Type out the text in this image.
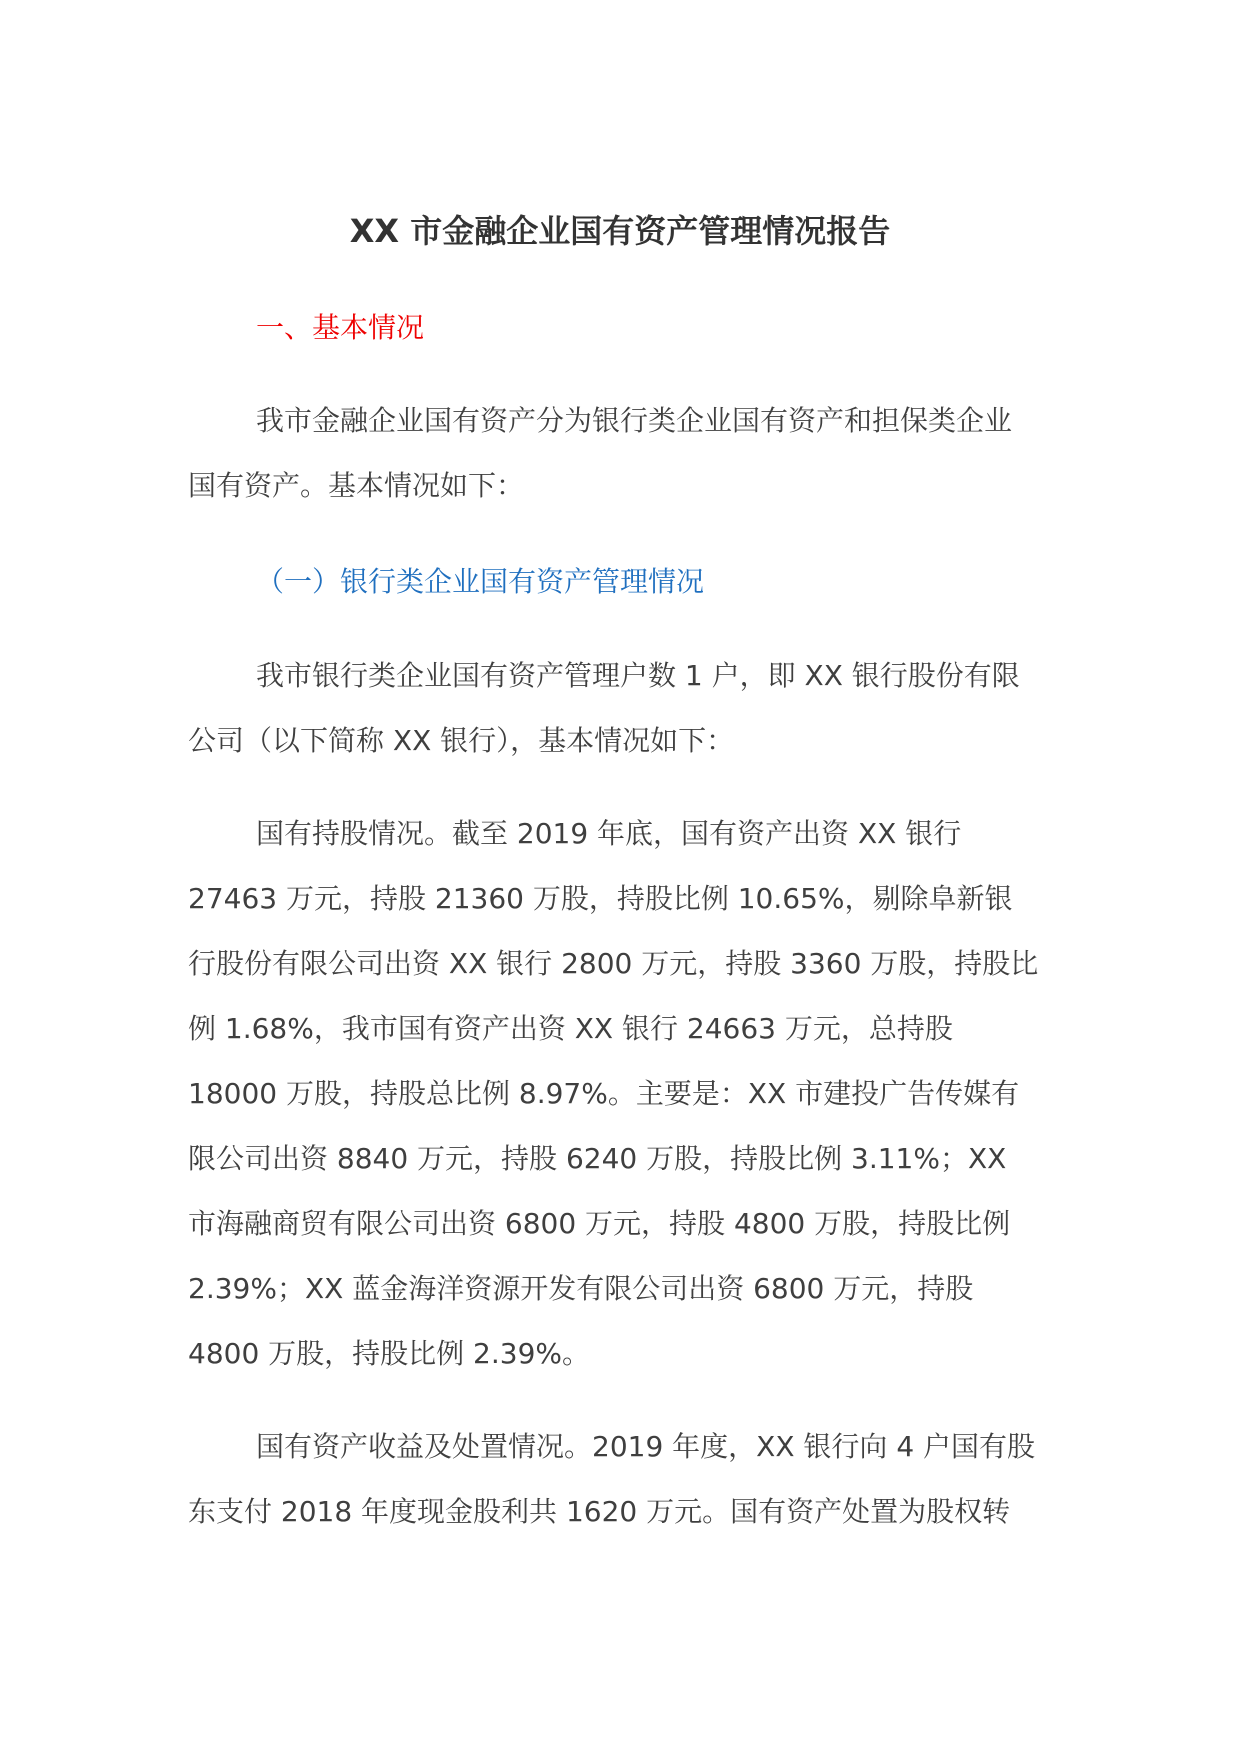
XX 市金融企业国有资产管理情况报告
一、基本情况
我市金融企业国有资产分为银行类企业国有资产和担保类企业
国有资产。基本情况如下：
（一）银行类企业国有资产管理情况
我市银行类企业国有资产管理户数 1 户，即 XX 银行股份有限
公司（以下简称 XX 银行），基本情况如下：
国有持股情况。截至 2019 年底，国有资产出资 XX 银行
27463 万元，持股 21360 万股，持股比例 10.65%，剔除阜新银
行股份有限公司出资 XX 银行 2800 万元，持股 3360 万股，持股比
例 1.68%，我市国有资产出资 XX 银行 24663 万元，总持股
18000 万股，持股总比例 8.97%。主要是：XX 市建投广告传媒有
限公司出资 8840 万元，持股 6240 万股，持股比例 3.11%；XX
市海融商贸有限公司出资 6800 万元，持股 4800 万股，持股比例
2.39%；XX 蓝金海洋资源开发有限公司出资 6800 万元，持股
4800 万股，持股比例 2.39%。
国有资产收益及处置情况。2019 年度，XX 银行向 4 户国有股
东支付 2018 年度现金股利共 1620 万元。国有资产处置为股权转
